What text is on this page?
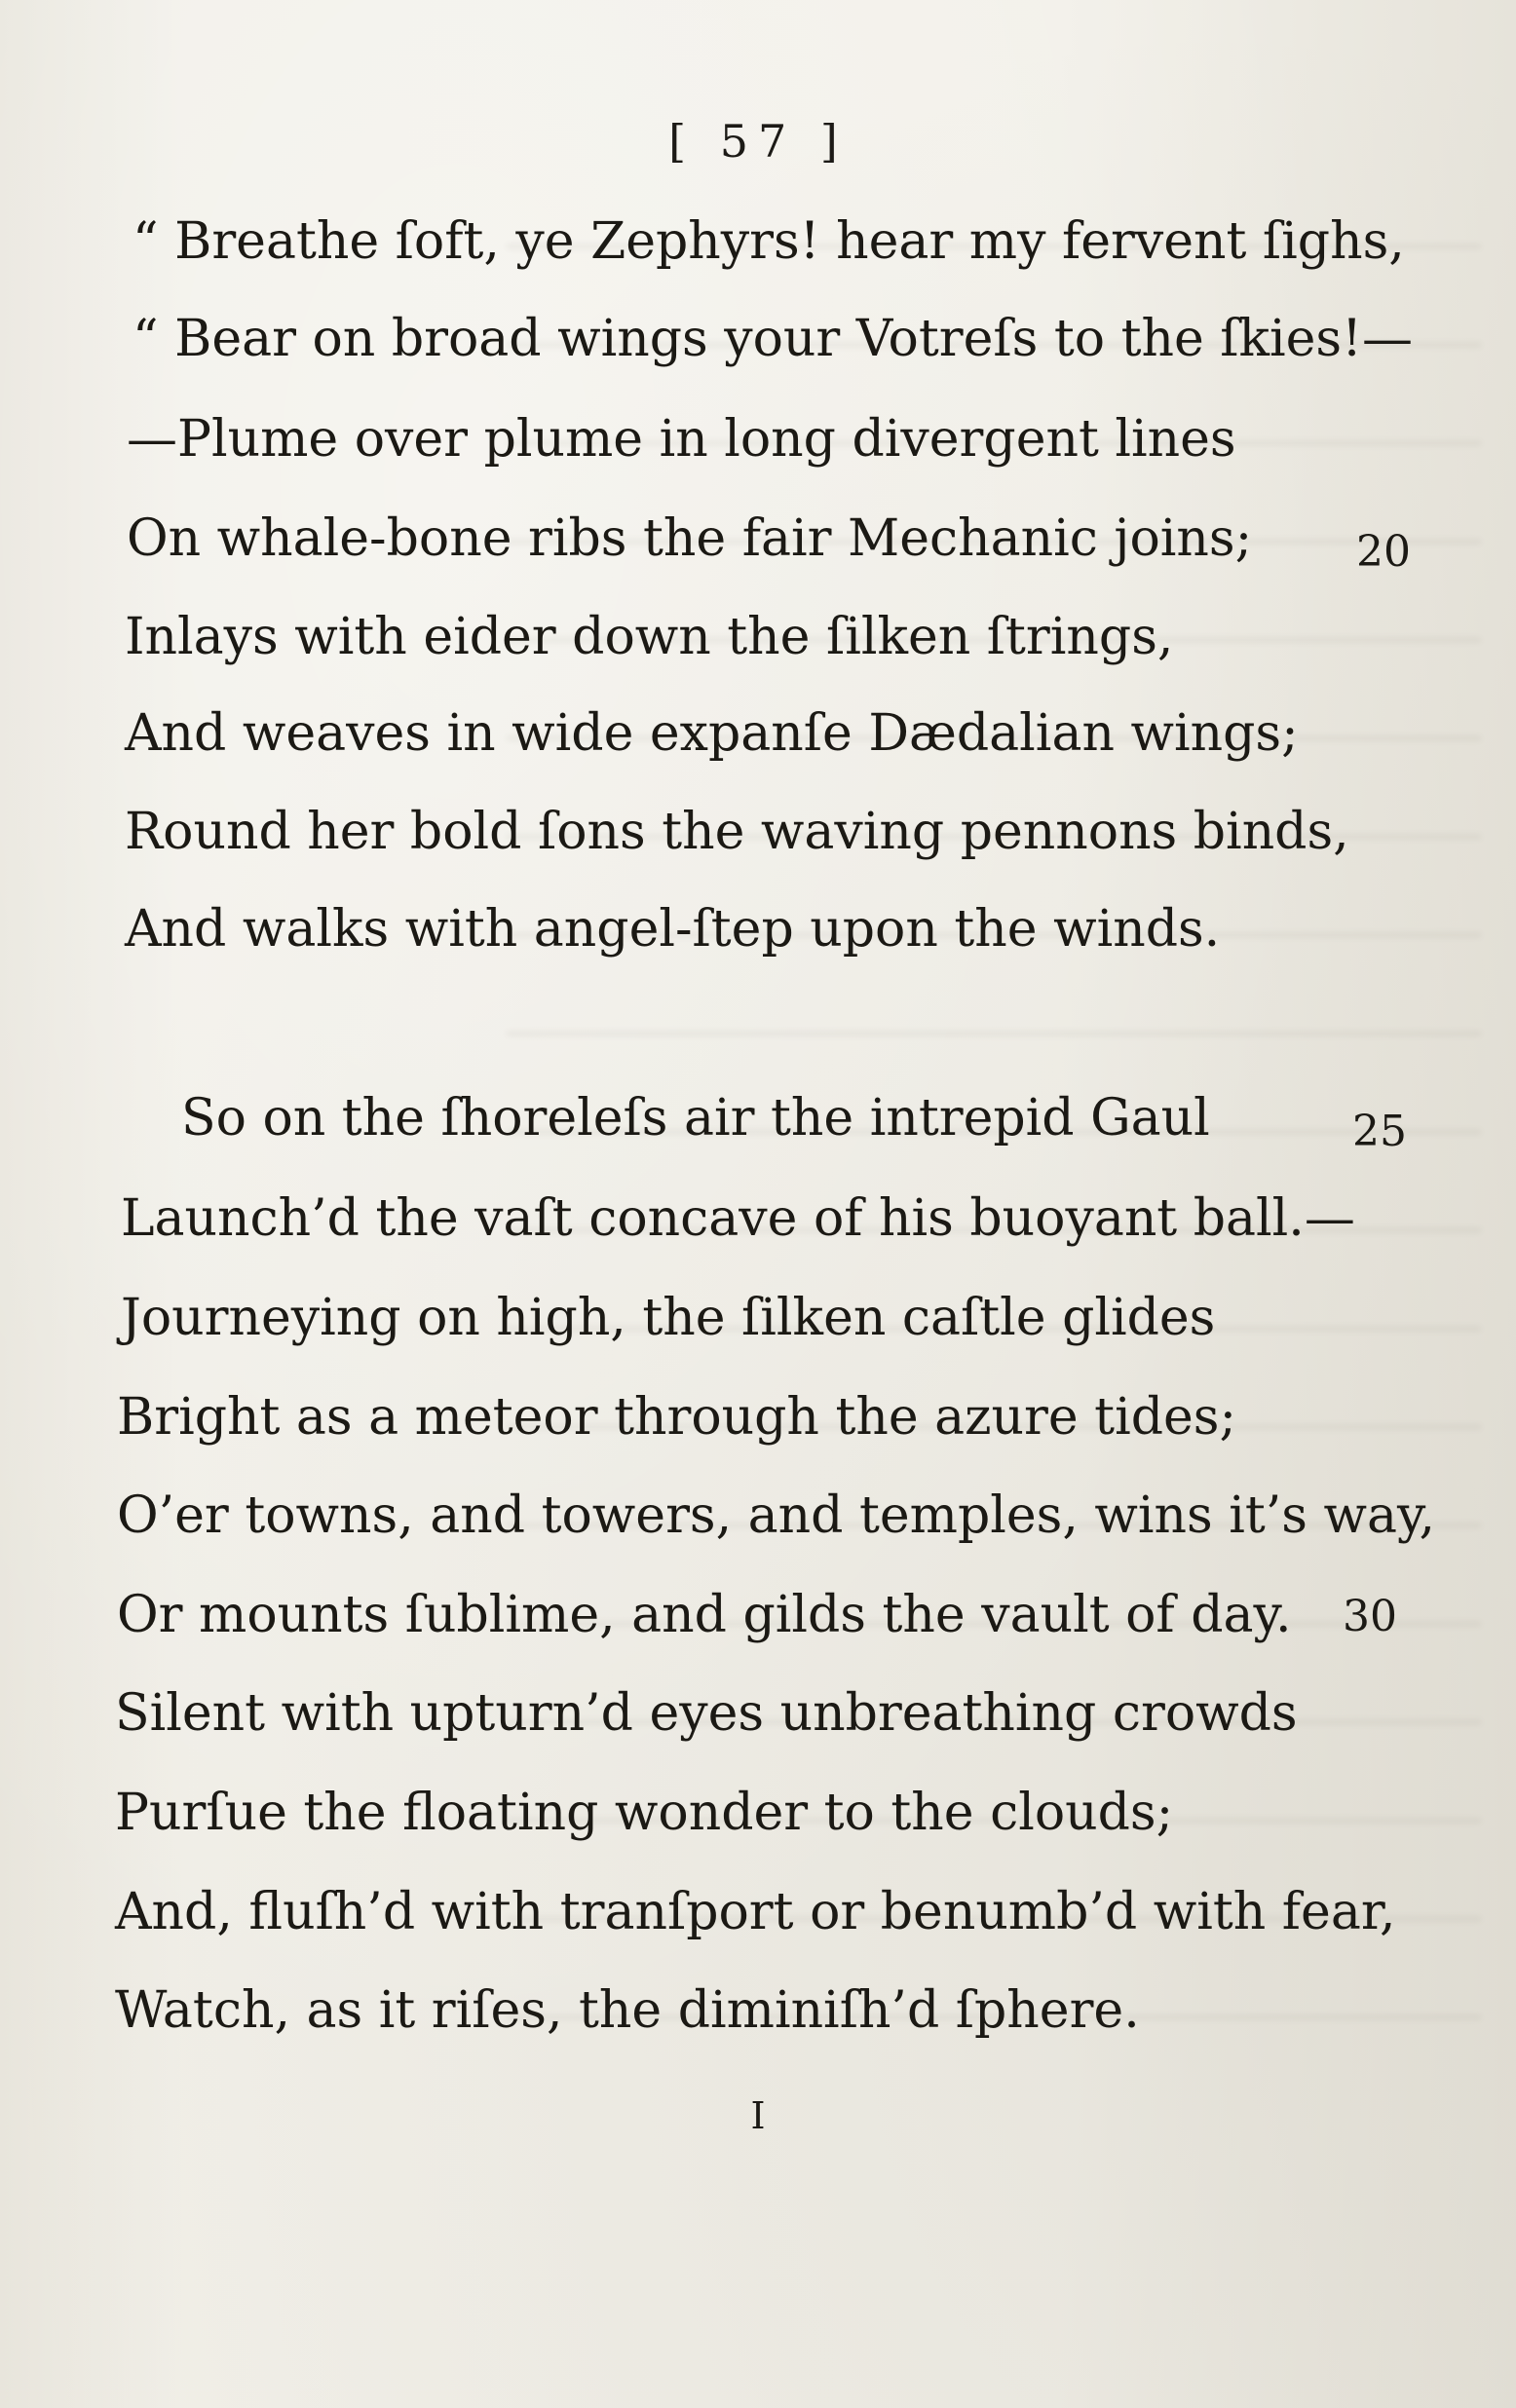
[ 57 ]
“ Breathe ſoft, ye Zephyrs! hear my fervent ſighs,
“ Bear on broad wings your Votreſs to the ſkies!—
—Plume over plume in long divergent lines
On whale-bone ribs the fair Mechanic joins; 20
Inlays with eider down the ſilken ſtrings,
And weaves in wide expanſe Dædalian wings;
Round her bold ſons the waving pennons binds,
And walks with angel-ſtep upon the winds.
So on the ſhoreleſs air the intrepid Gaul	25
Launch’d the vaſt concave of his buoyant ball.—
Journeying on high, the ſilken caſtle glides
Bright as a meteor through the azure tides;
O’er towns, and towers, and temples, wins it’s way,
Or mounts ſublime, and gilds the vault of day. 30
Silent with upturn’d eyes unbreathing crowds
Purſue the floating wonder to the clouds;
And, fluſh’d with tranſport or benumb’d with fear,
Watch, as it riſes, the diminiſh’d ſphere.
I
